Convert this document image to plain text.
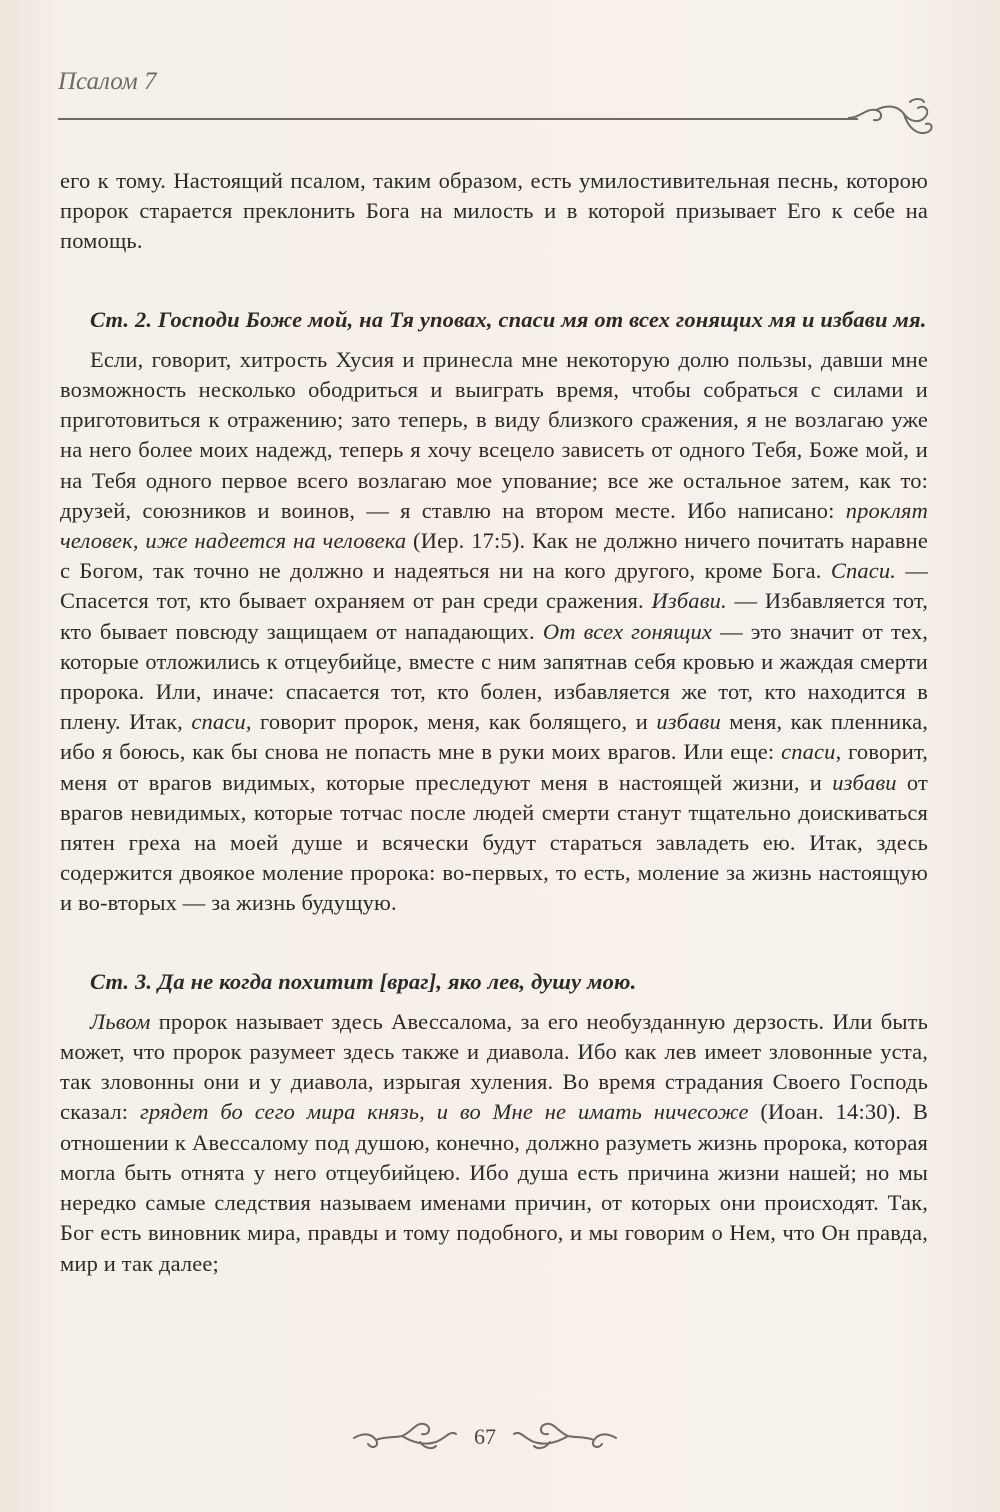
Псалом 7

его к тому. Настоящий псалом, таким образом, есть умилостивительная песнь, которою пророк старается преклонить Бога на милость и в которой призывает Его к себе на помощь.

Ст. 2. Господи Боже мой, на Тя уповах, спаси мя от всех гонящих мя и избави мя.

Если, говорит, хитрость Хусия и принесла мне некоторую долю пользы, давши мне возможность несколько ободриться и выиграть время, чтобы собраться с силами и приготовиться к отражению; зато теперь, в виду близкого сражения, я не возлагаю уже на него более моих надежд, теперь я хочу всецело зависеть от одного Тебя, Боже мой, и на Тебя одного первое всего возлагаю мое упование; все же остальное затем, как то: друзей, союзников и воинов, — я ставлю на втором месте. Ибо написано: проклят человек, иже надеется на человека (Иер. 17:5). Как не должно ничего почитать наравне с Богом, так точно не должно и надеяться ни на кого другого, кроме Бога. Спаси. — Спасется тот, кто бывает охраняем от ран среди сражения. Избави. — Избавляется тот, кто бывает повсюду защищаем от нападающих. От всех гонящих — это значит от тех, которые отложились к отцеубийце, вместе с ним запятнав себя кровью и жаждая смерти пророка. Или, иначе: спасается тот, кто болен, избавляется же тот, кто находится в плену. Итак, спаси, говорит пророк, меня, как болящего, и избави меня, как пленника, ибо я боюсь, как бы снова не попасть мне в руки моих врагов. Или еще: спаси, говорит, меня от врагов видимых, которые преследуют меня в настоящей жизни, и избави от врагов невидимых, которые тотчас после людей смерти станут тщательно доискиваться пятен греха на моей душе и всячески будут стараться завладеть ею. Итак, здесь содержится двоякое моление пророка: во-первых, то есть, моление за жизнь настоящую и во-вторых — за жизнь будущую.

Ст. 3. Да не когда похитит [враг], яко лев, душу мою.

Львом пророк называет здесь Авессалома, за его необузданную дерзость. Или быть может, что пророк разумеет здесь также и диавола. Ибо как лев имеет зловонные уста, так зловонны они и у диавола, изрыгая хуления. Во время страдания Своего Господь сказал: грядет бо сего мира князь, и во Мне не имать ничесоже (Иоан. 14:30). В отношении к Авессалому под душою, конечно, должно разуметь жизнь пророка, которая могла быть отнята у него отцеубийцею. Ибо душа есть причина жизни нашей; но мы нередко самые следствия называем именами причин, от которых они происходят. Так, Бог есть виновник мира, правды и тому подобного, и мы говорим о Нем, что Он правда, мир и так далее;

67
